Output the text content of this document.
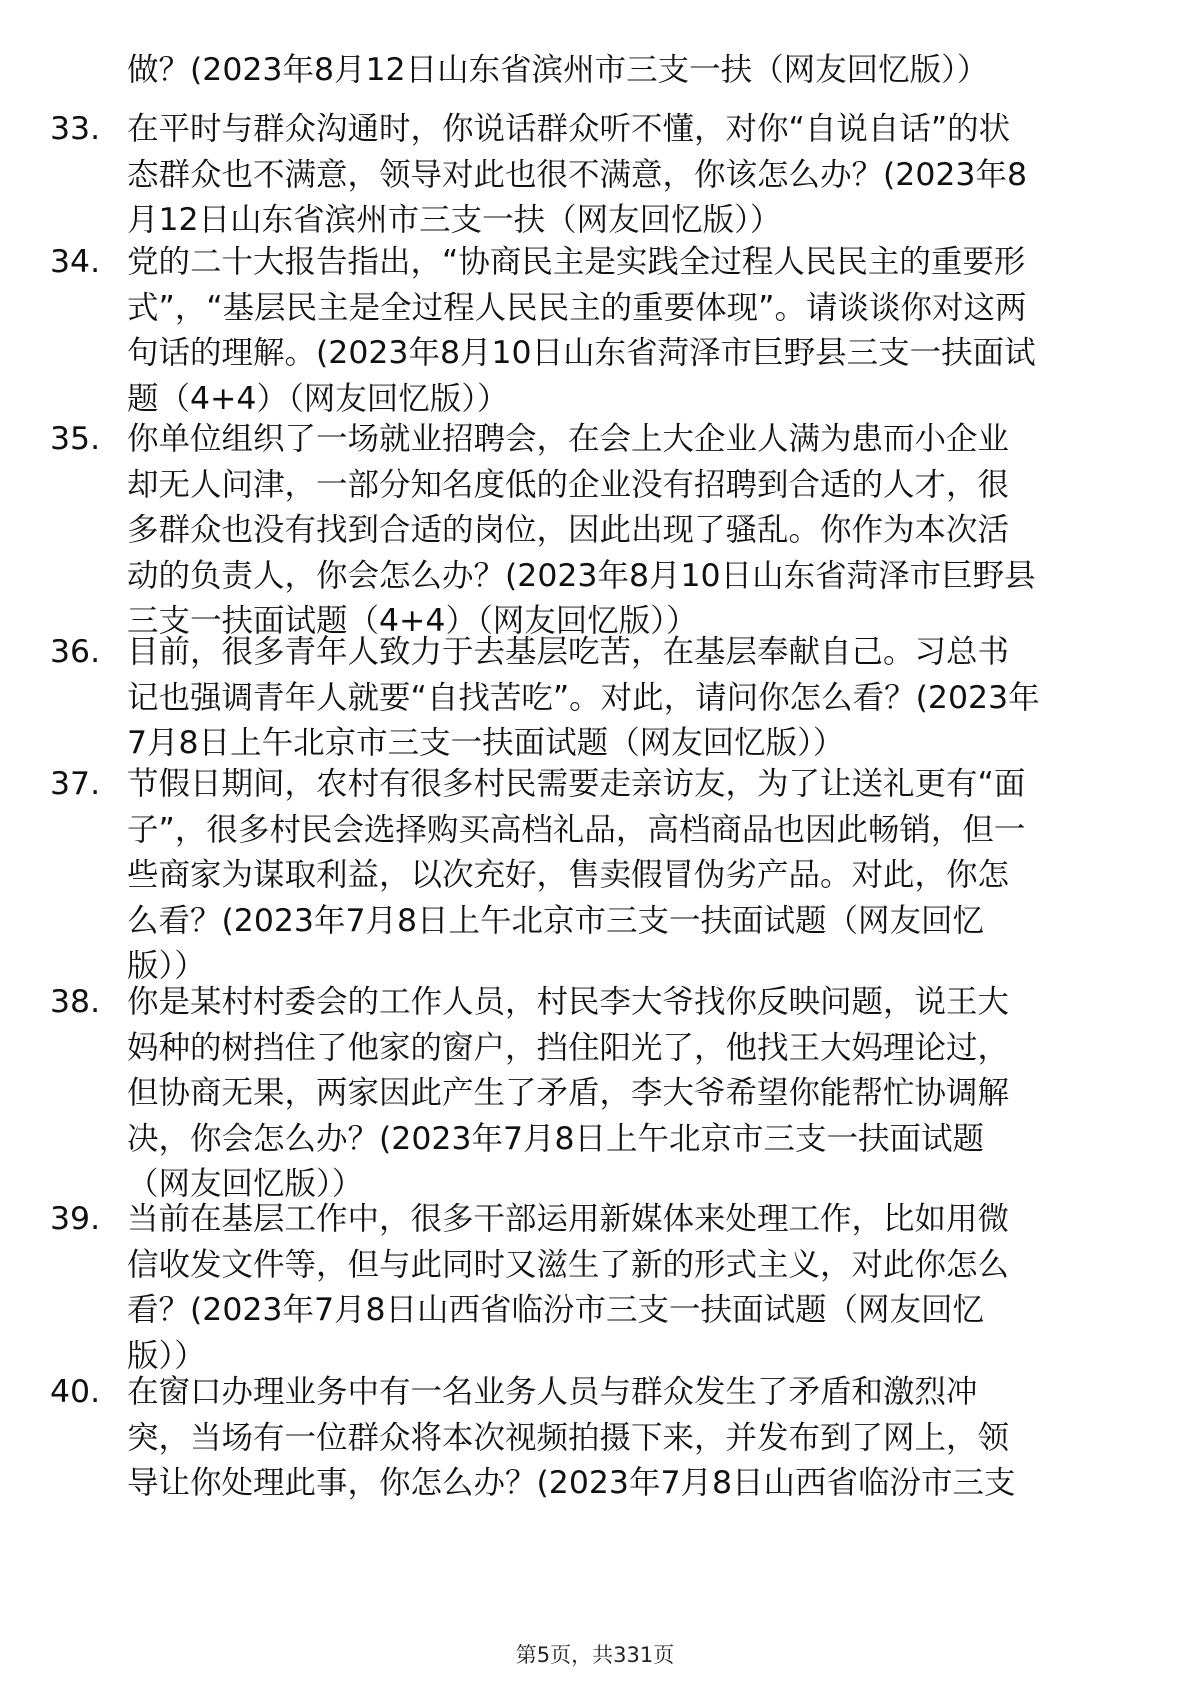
做？(2023年8月12日山东省滨州市三支一扶（网友回忆版））
33. 在平时与群众沟通时，你说话群众听不懂，对你“自说自话”的状
态群众也不满意，领导对此也很不满意，你该怎么办？(2023年8
月12日山东省滨州市三支一扶（网友回忆版））
34. 党的二十大报告指出，“协商民主是实践全过程人民民主的重要形
式”，“基层民主是全过程人民民主的重要体现”。请谈谈你对这两
句话的理解。(2023年8月10日山东省菏泽市巨野县三支一扶面试
题（4+4）（网友回忆版））
35. 你单位组织了一场就业招聘会，在会上大企业人满为患而小企业
却无人问津，一部分知名度低的企业没有招聘到合适的人才，很
多群众也没有找到合适的岗位，因此出现了骚乱。你作为本次活
动的负责人，你会怎么办？(2023年8月10日山东省菏泽市巨野县
三支一扶面试题（4+4）（网友回忆版））
36. 目前，很多青年人致力于去基层吃苦，在基层奉献自己。习总书
记也强调青年人就要“自找苦吃”。对此，请问你怎么看？(2023年
7月8日上午北京市三支一扶面试题（网友回忆版））
37. 节假日期间，农村有很多村民需要走亲访友，为了让送礼更有“面
子”，很多村民会选择购买高档礼品，高档商品也因此畅销，但一
些商家为谋取利益，以次充好，售卖假冒伪劣产品。对此，你怎
么看？(2023年7月8日上午北京市三支一扶面试题（网友回忆
版））
38. 你是某村村委会的工作人员，村民李大爷找你反映问题，说王大
妈种的树挡住了他家的窗户，挡住阳光了，他找王大妈理论过，
但协商无果，两家因此产生了矛盾，李大爷希望你能帮忙协调解
决，你会怎么办？(2023年7月8日上午北京市三支一扶面试题
（网友回忆版））
39. 当前在基层工作中，很多干部运用新媒体来处理工作，比如用微
信收发文件等，但与此同时又滋生了新的形式主义，对此你怎么
看？(2023年7月8日山西省临汾市三支一扶面试题（网友回忆
版））
40. 在窗口办理业务中有一名业务人员与群众发生了矛盾和激烈冲
突，当场有一位群众将本次视频拍摄下来，并发布到了网上，领
导让你处理此事，你怎么办？(2023年7月8日山西省临汾市三支
第5页，共331页
